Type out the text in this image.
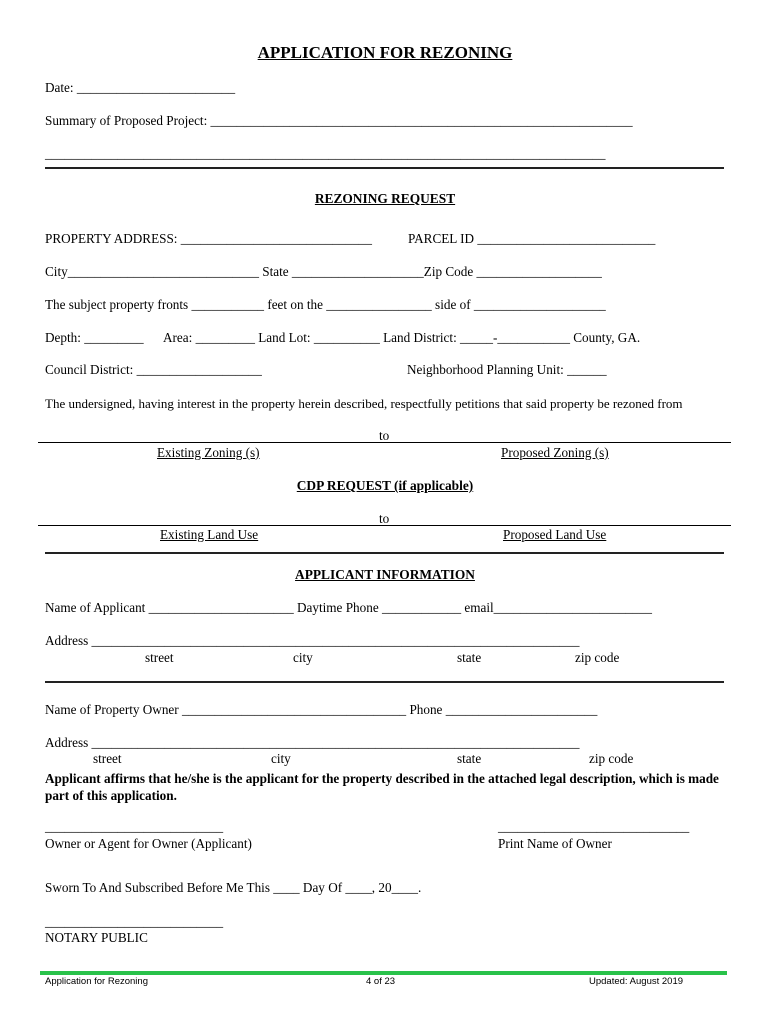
APPLICATION FOR REZONING
Date: ________________________
Summary of Proposed Project: ________________________________________________________________
_____________________________________________________________________________________
REZONING REQUEST
PROPERTY ADDRESS: _____________________________	PARCEL ID ___________________________
City_____________________________ State ____________________Zip Code ___________________
The subject property fronts ___________ feet on the ________________ side of ____________________
Depth: _________ Area: _________ Land Lot: __________ Land District: _____-___________ County, GA.
Council District: ___________________	Neighborhood Planning Unit: ______
The undersigned, having interest in the property herein described, respectfully petitions that said property be rezoned from
to
Existing Zoning (s)	Proposed Zoning (s)
CDP REQUEST (if applicable)
to
Existing Land Use	Proposed Land Use
APPLICANT INFORMATION
Name of Applicant ______________________ Daytime Phone ____________ email________________________
Address __________________________________________________________________________
street	city	state	zip code
Name of Property Owner __________________________________ Phone _______________________
Address __________________________________________________________________________
street	city	state	zip code
Applicant affirms that he/she is the applicant for the property described in the attached legal description, which is made part of this application.
___________________________
Owner or Agent for Owner (Applicant)
_____________________________
Print Name of Owner
Sworn To And Subscribed Before Me This ____ Day Of ____, 20____.
___________________________
NOTARY PUBLIC
Application for Rezoning	4 of 23	Updated: August 2019
